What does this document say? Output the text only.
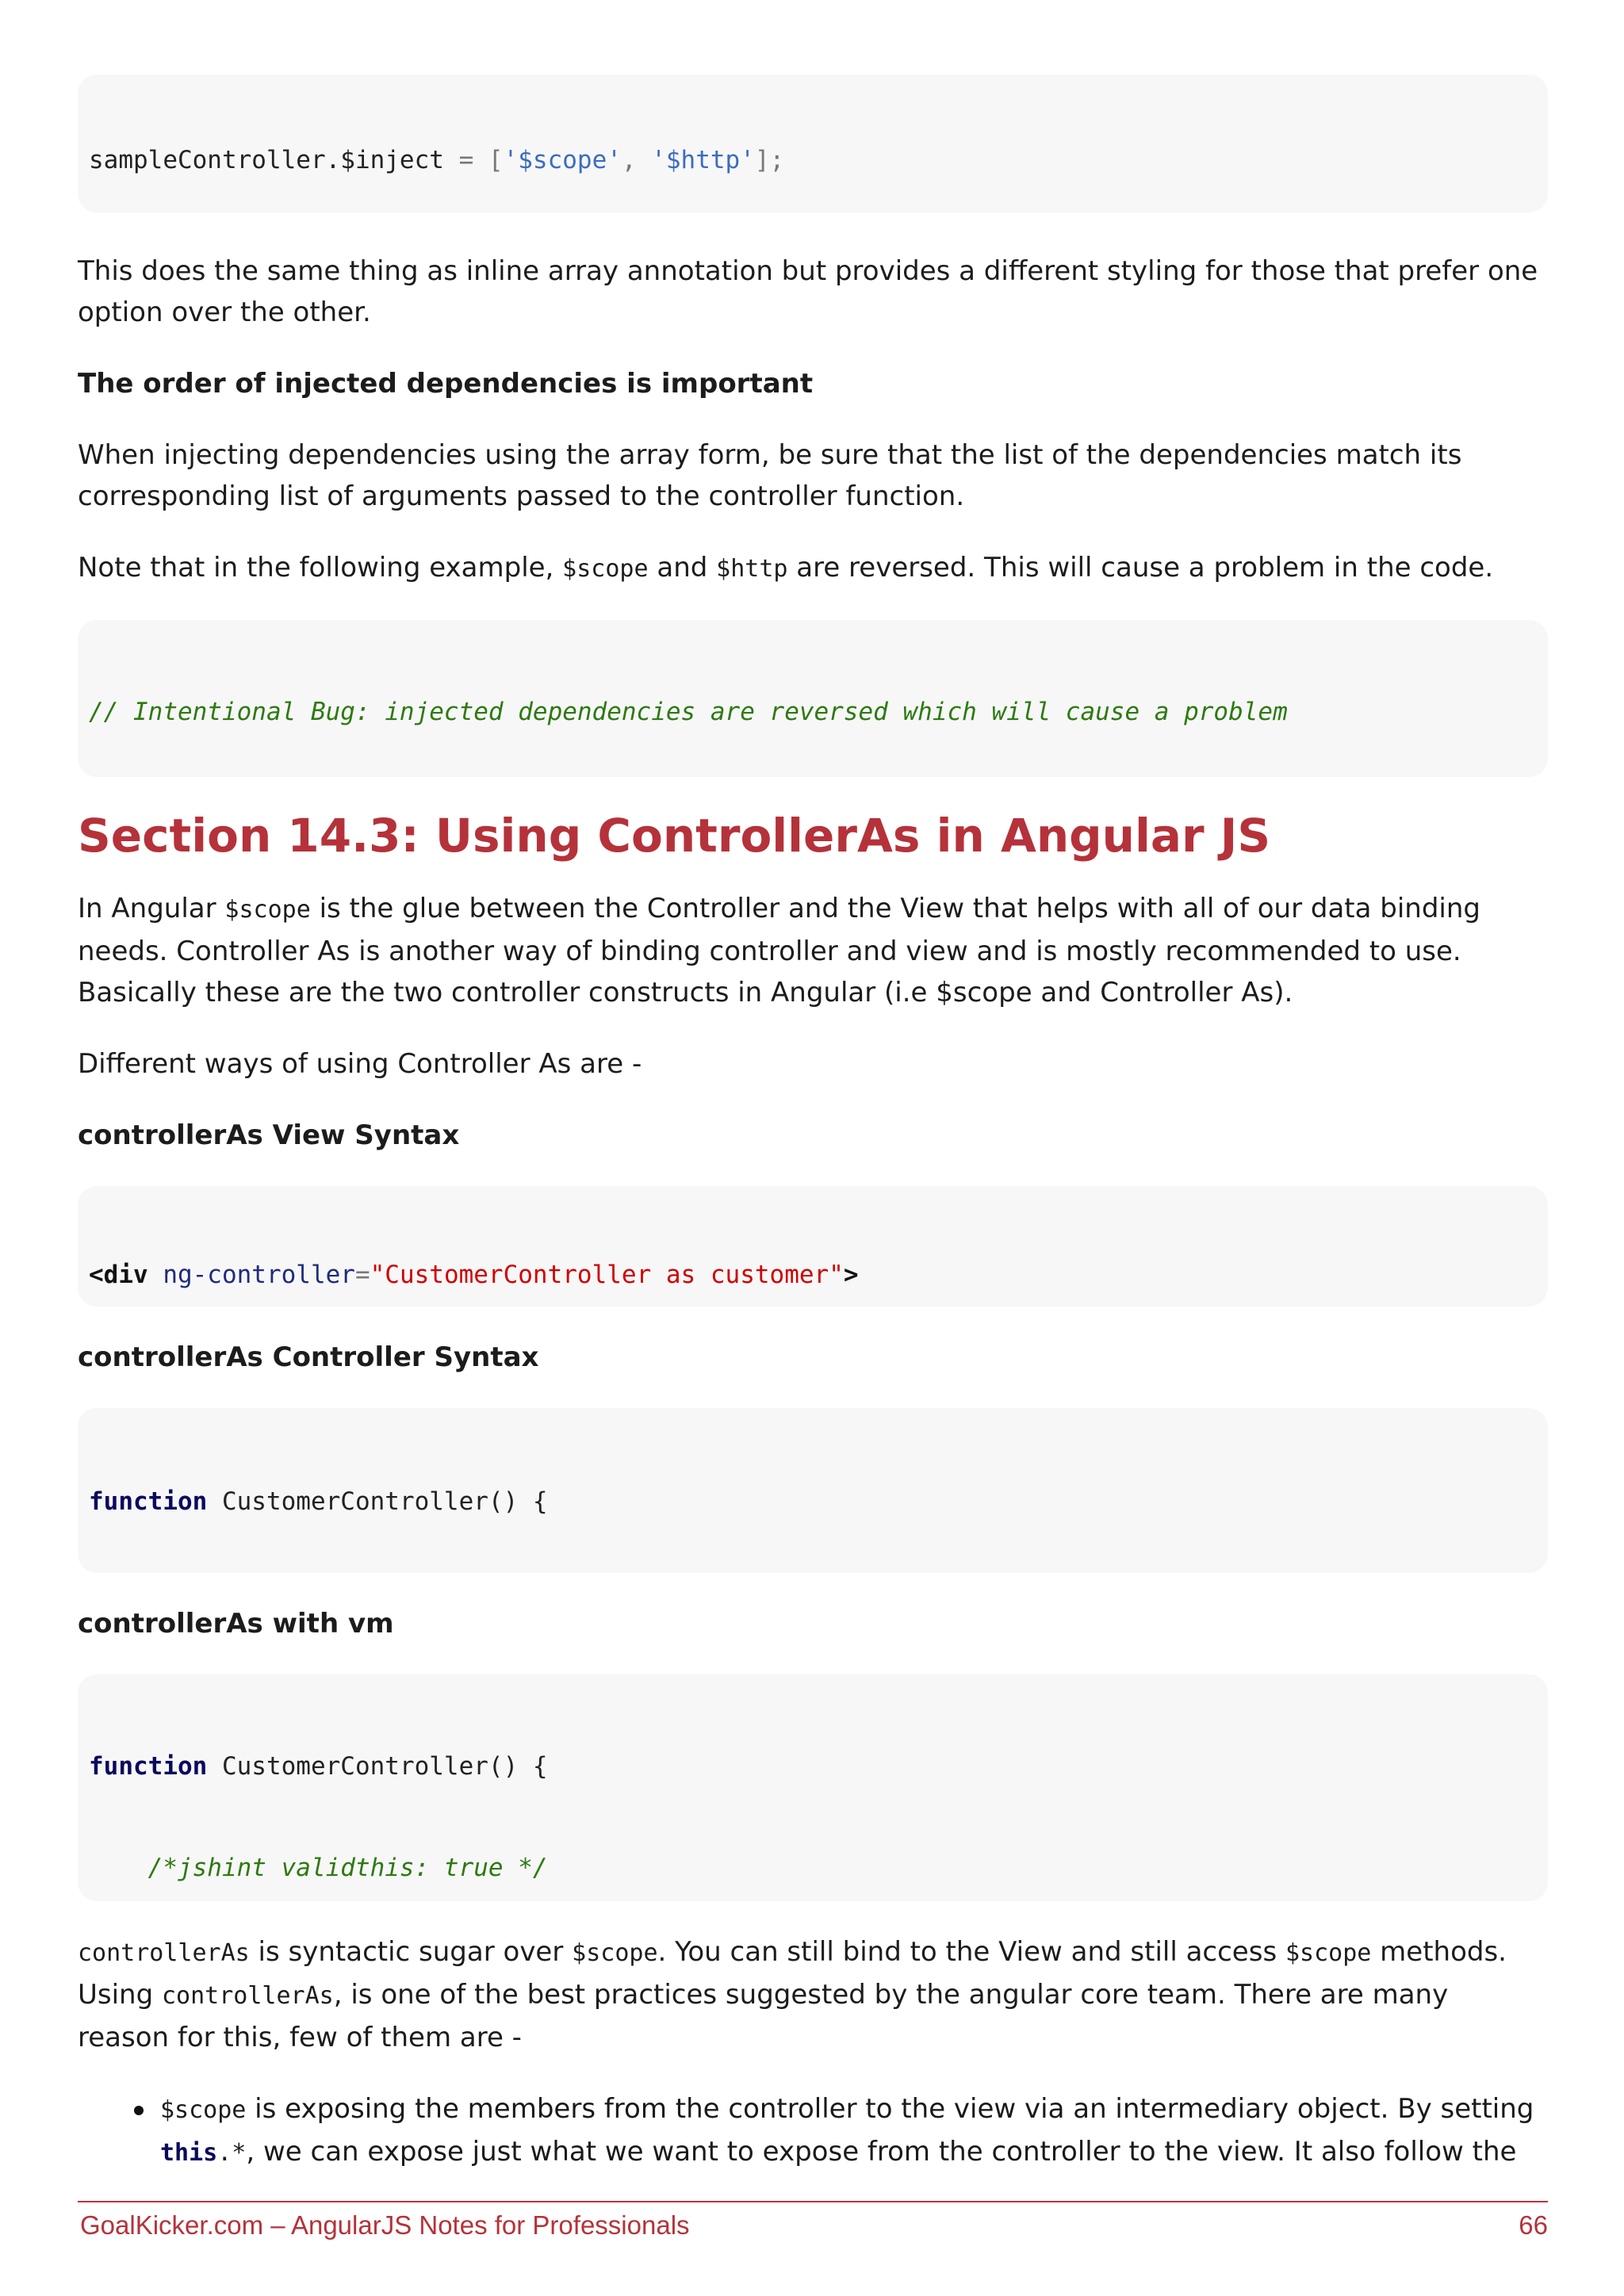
sampleController.$inject = ['$scope', '$http'];

This does the same thing as inline array annotation but provides a different styling for those that prefer one option over the other.

The order of injected dependencies is important

When injecting dependencies using the array form, be sure that the list of the dependencies match its corresponding list of arguments passed to the controller function.

Note that in the following example, $scope and $http are reversed. This will cause a problem in the code.

// Intentional Bug: injected dependencies are reversed which will cause a problem

Section 14.3: Using ControllerAs in Angular JS

In Angular $scope is the glue between the Controller and the View that helps with all of our data binding needs. Controller As is another way of binding controller and view and is mostly recommended to use. Basically these are the two controller constructs in Angular (i.e $scope and Controller As).

Different ways of using Controller As are -

controllerAs View Syntax

<div ng-controller="CustomerController as customer">

controllerAs Controller Syntax

function CustomerController() {

controllerAs with vm

function CustomerController() {

/*jshint validthis: true */

controllerAs is syntactic sugar over $scope. You can still bind to the View and still access $scope methods. Using controllerAs, is one of the best practices suggested by the angular core team. There are many reason for this, few of them are -

$scope is exposing the members from the controller to the view via an intermediary object. By setting this.*, we can expose just what we want to expose from the controller to the view. It also follow the
GoalKicker.com – AngularJS Notes for Professionals	66
